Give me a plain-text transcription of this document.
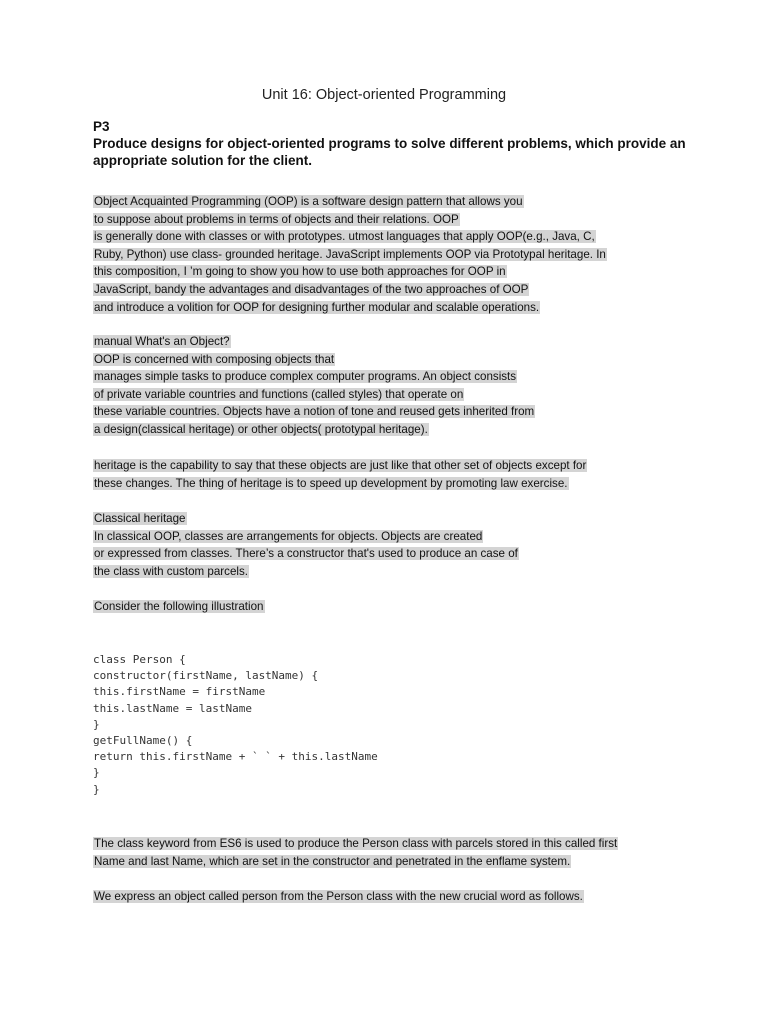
Unit 16: Object-oriented Programming
P3
Produce designs for object-oriented programs to solve different problems, which provide an
appropriate solution for the client.
Object Acquainted Programming (OOP) is a software design pattern that allows you
to suppose about problems in terms of objects and their relations. OOP
is generally done with classes or with prototypes. utmost languages that apply OOP(e.g., Java, C,
Ruby, Python) use class- grounded heritage. JavaScript implements OOP via Prototypal heritage. In
this composition, I ’m going to show you how to use both approaches for OOP in
JavaScript, bandy the advantages and disadvantages of the two approaches of OOP
and introduce a volition for OOP for designing further modular and scalable operations.
manual What's an Object?
OOP is concerned with composing objects that
manages simple tasks to produce complex computer programs. An object consists
of private variable countries and functions (called styles) that operate on
these variable countries. Objects have a notion of tone and reused gets inherited from
a design(classical heritage) or other objects( prototypal heritage).
heritage is the capability to say that these objects are just like that other set of objects except for
these changes. The thing of heritage is to speed up development by promoting law exercise.
Classical heritage
In classical OOP, classes are arrangements for objects. Objects are created
or expressed from classes. There’s a constructor that's used to produce an case of
the class with custom parcels.
Consider the following illustration
class Person {
constructor(firstName, lastName) {
this.firstName = firstName
this.lastName = lastName
}
getFullName() {
return this.firstName + ` ` + this.lastName
}
}
The class keyword from ES6 is used to produce the Person class with parcels stored in this called first
Name and last Name, which are set in the constructor and penetrated in the enflame system.
We express an object called person from the Person class with the new crucial word as follows.
